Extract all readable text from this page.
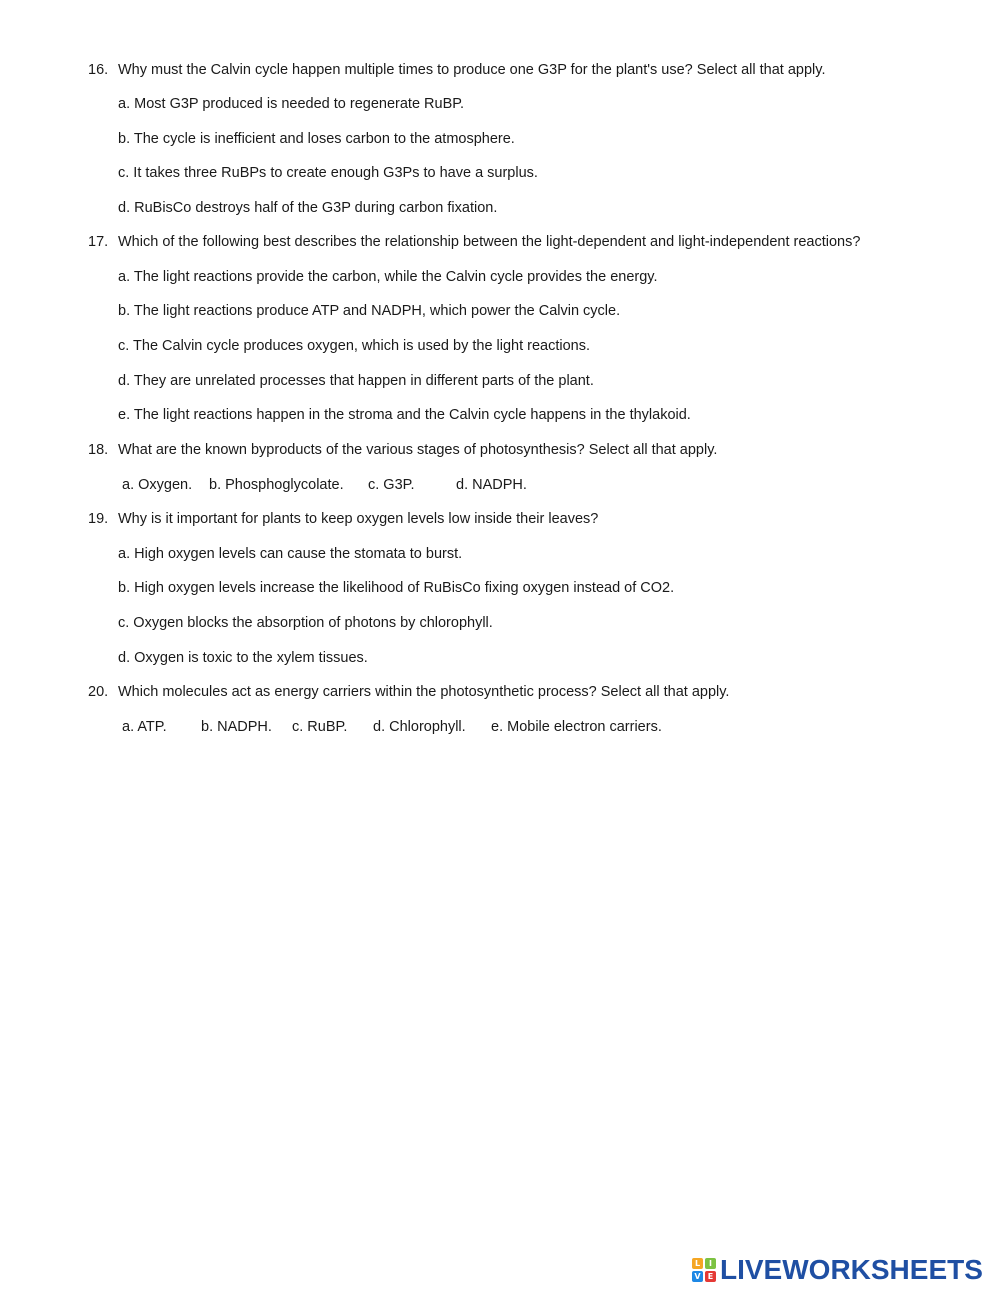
16. Why must the Calvin cycle happen multiple times to produce one G3P for the plant's use? Select all that apply.
a. Most G3P produced is needed to regenerate RuBP.
b. The cycle is inefficient and loses carbon to the atmosphere.
c. It takes three RuBPs to create enough G3Ps to have a surplus.
d. RuBisCo destroys half of the G3P during carbon fixation.
17. Which of the following best describes the relationship between the light-dependent and light-independent reactions?
a. The light reactions provide the carbon, while the Calvin cycle provides the energy.
b. The light reactions produce ATP and NADPH, which power the Calvin cycle.
c. The Calvin cycle produces oxygen, which is used by the light reactions.
d. They are unrelated processes that happen in different parts of the plant.
e. The light reactions happen in the stroma and the Calvin cycle happens in the thylakoid.
18. What are the known byproducts of the various stages of photosynthesis? Select all that apply.
a. Oxygen. b. Phosphoglycolate. c. G3P.	d. NADPH.
19. Why is it important for plants to keep oxygen levels low inside their leaves?
a. High oxygen levels can cause the stomata to burst.
b. High oxygen levels increase the likelihood of RuBisCo fixing oxygen instead of CO2.
c. Oxygen blocks the absorption of photons by chlorophyll.
d. Oxygen is toxic to the xylem tissues.
20. Which molecules act as energy carriers within the photosynthetic process? Select all that apply.
a. ATP. b. NADPH. c. RuBP. d. Chlorophyll. e. Mobile electron carriers.
L	I
V E LIVEWORKSHEETS
